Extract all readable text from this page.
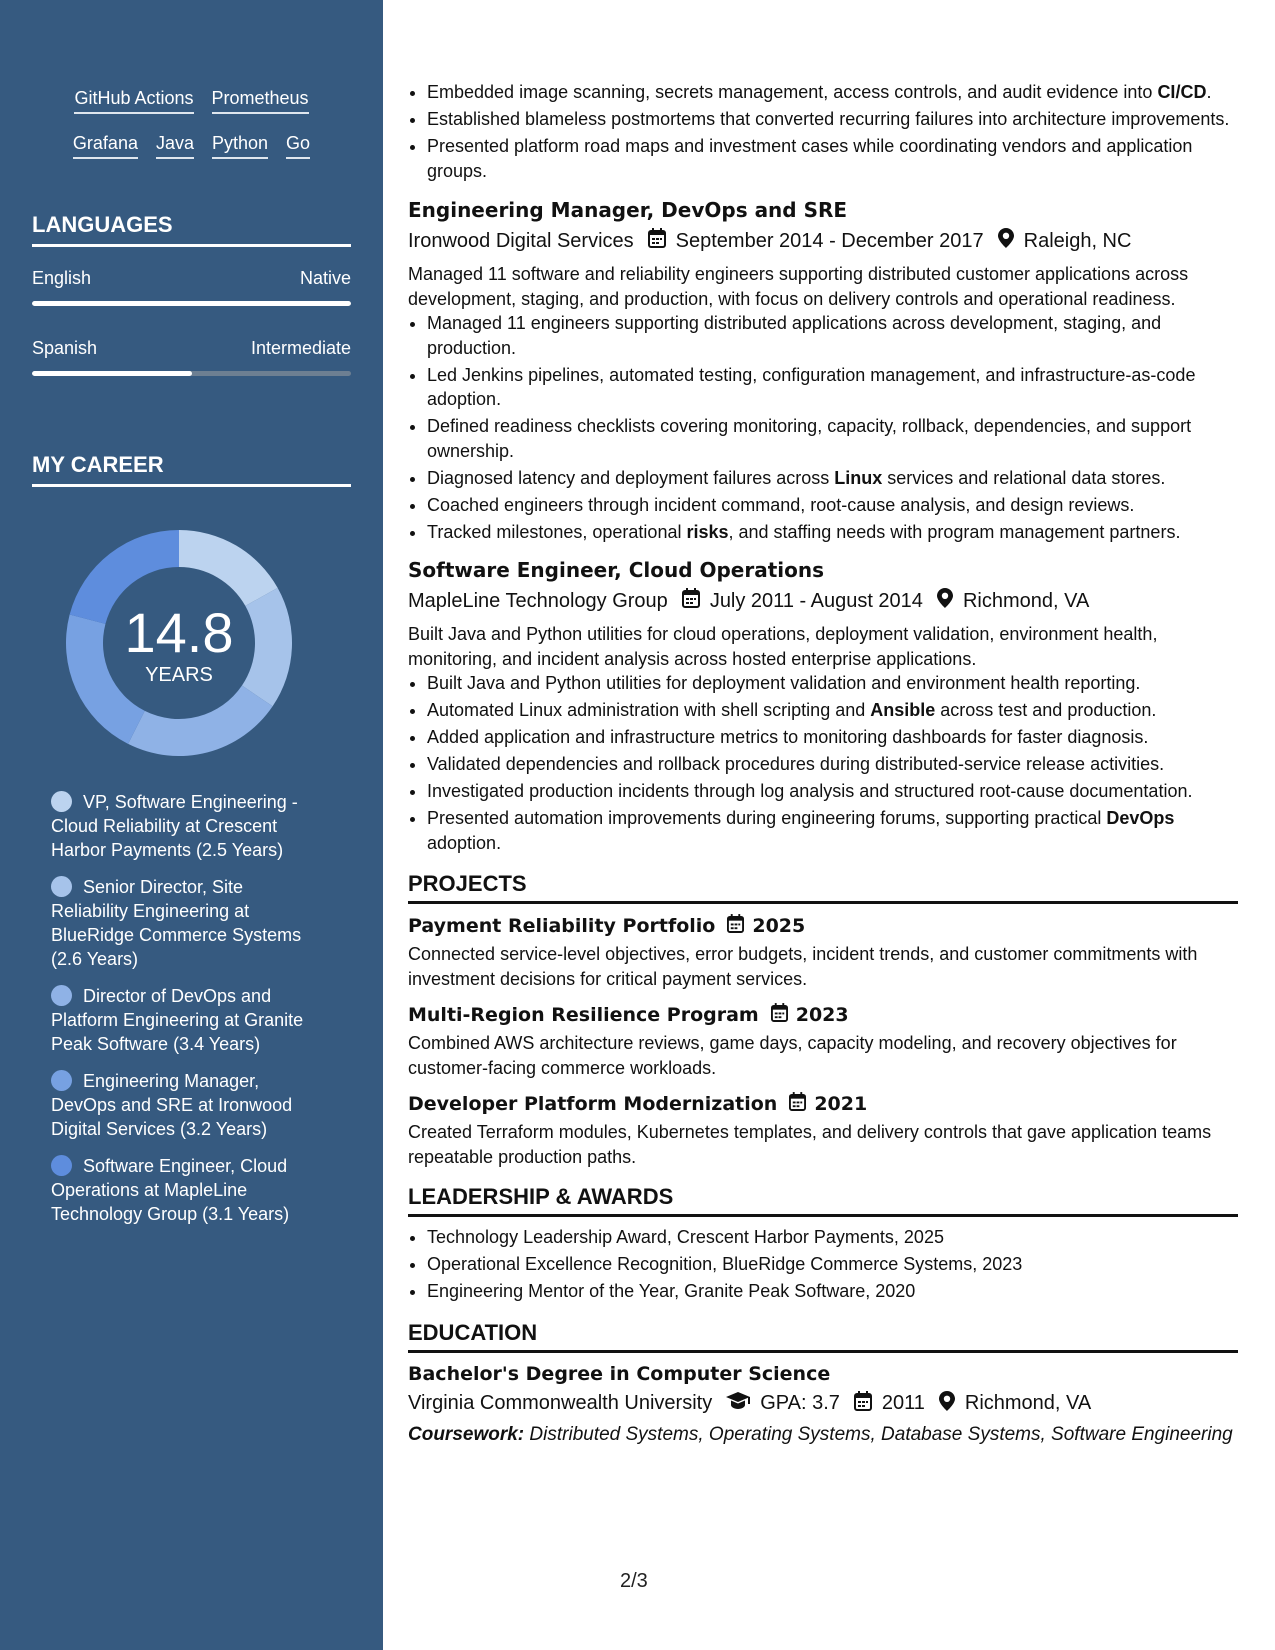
GitHub Actions Prometheus
Grafana Java Python Go
LANGUAGES
English	Native
Spanish	Intermediate
MY CAREER
14.8
YEARS
VP, Software Engineering - Cloud Reliability at Crescent Harbor Payments (2.5 Years)
Senior Director, Site Reliability Engineering at BlueRidge Commerce Systems (2.6 Years)
Director of DevOps and Platform Engineering at Granite Peak Software (3.4 Years)
Engineering Manager, DevOps and SRE at Ironwood Digital Services (3.2 Years)
Software Engineer, Cloud Operations at MapleLine Technology Group (3.1 Years)
• Embedded image scanning, secrets management, access controls, and audit evidence into CI/CD.
• Established blameless postmortems that converted recurring failures into architecture improvements.
• Presented platform road maps and investment cases while coordinating vendors and application groups.
Engineering Manager, DevOps and SRE
Ironwood Digital Services September 2014 - December 2017 Raleigh, NC

Managed 11 software and reliability engineers supporting distributed customer applications across development, staging, and production, with focus on delivery controls and operational readiness.

• Managed 11 engineers supporting distributed applications across development, staging, and production.
• Led Jenkins pipelines, automated testing, configuration management, and infrastructure-as-code adoption.
• Defined readiness checklists covering monitoring, capacity, rollback, dependencies, and support ownership.
• Diagnosed latency and deployment failures across Linux services and relational data stores.
• Coached engineers through incident command, root-cause analysis, and design reviews.
• Tracked milestones, operational risks, and staffing needs with program management partners.
Software Engineer, Cloud Operations
MapleLine Technology Group July 2011 - August 2014 Richmond, VA

Built Java and Python utilities for cloud operations, deployment validation, environment health, monitoring, and incident analysis across hosted enterprise applications.

• Built Java and Python utilities for deployment validation and environment health reporting.
• Automated Linux administration with shell scripting and Ansible across test and production.
• Added application and infrastructure metrics to monitoring dashboards for faster diagnosis.
• Validated dependencies and rollback procedures during distributed-service release activities.
• Investigated production incidents through log analysis and structured root-cause documentation.
• Presented automation improvements during engineering forums, supporting practical DevOps adoption.
PROJECTS
Payment Reliability Portfolio 2025

Connected service-level objectives, error budgets, incident trends, and customer commitments with investment decisions for critical payment services.

Multi-Region Resilience Program 2023

Combined AWS architecture reviews, game days, capacity modeling, and recovery objectives for customer-facing commerce workloads.

Developer Platform Modernization 2021

Created Terraform modules, Kubernetes templates, and delivery controls that gave application teams repeatable production paths.

LEADERSHIP & AWARDS
• Technology Leadership Award, Crescent Harbor Payments, 2025
• Operational Excellence Recognition, BlueRidge Commerce Systems, 2023
• Engineering Mentor of the Year, Granite Peak Software, 2020
EDUCATION
Bachelor's Degree in Computer Science
Virginia Commonwealth University GPA: 3.7 2011 Richmond, VA

Coursework: Distributed Systems, Operating Systems, Database Systems, Software Engineering

2/3
